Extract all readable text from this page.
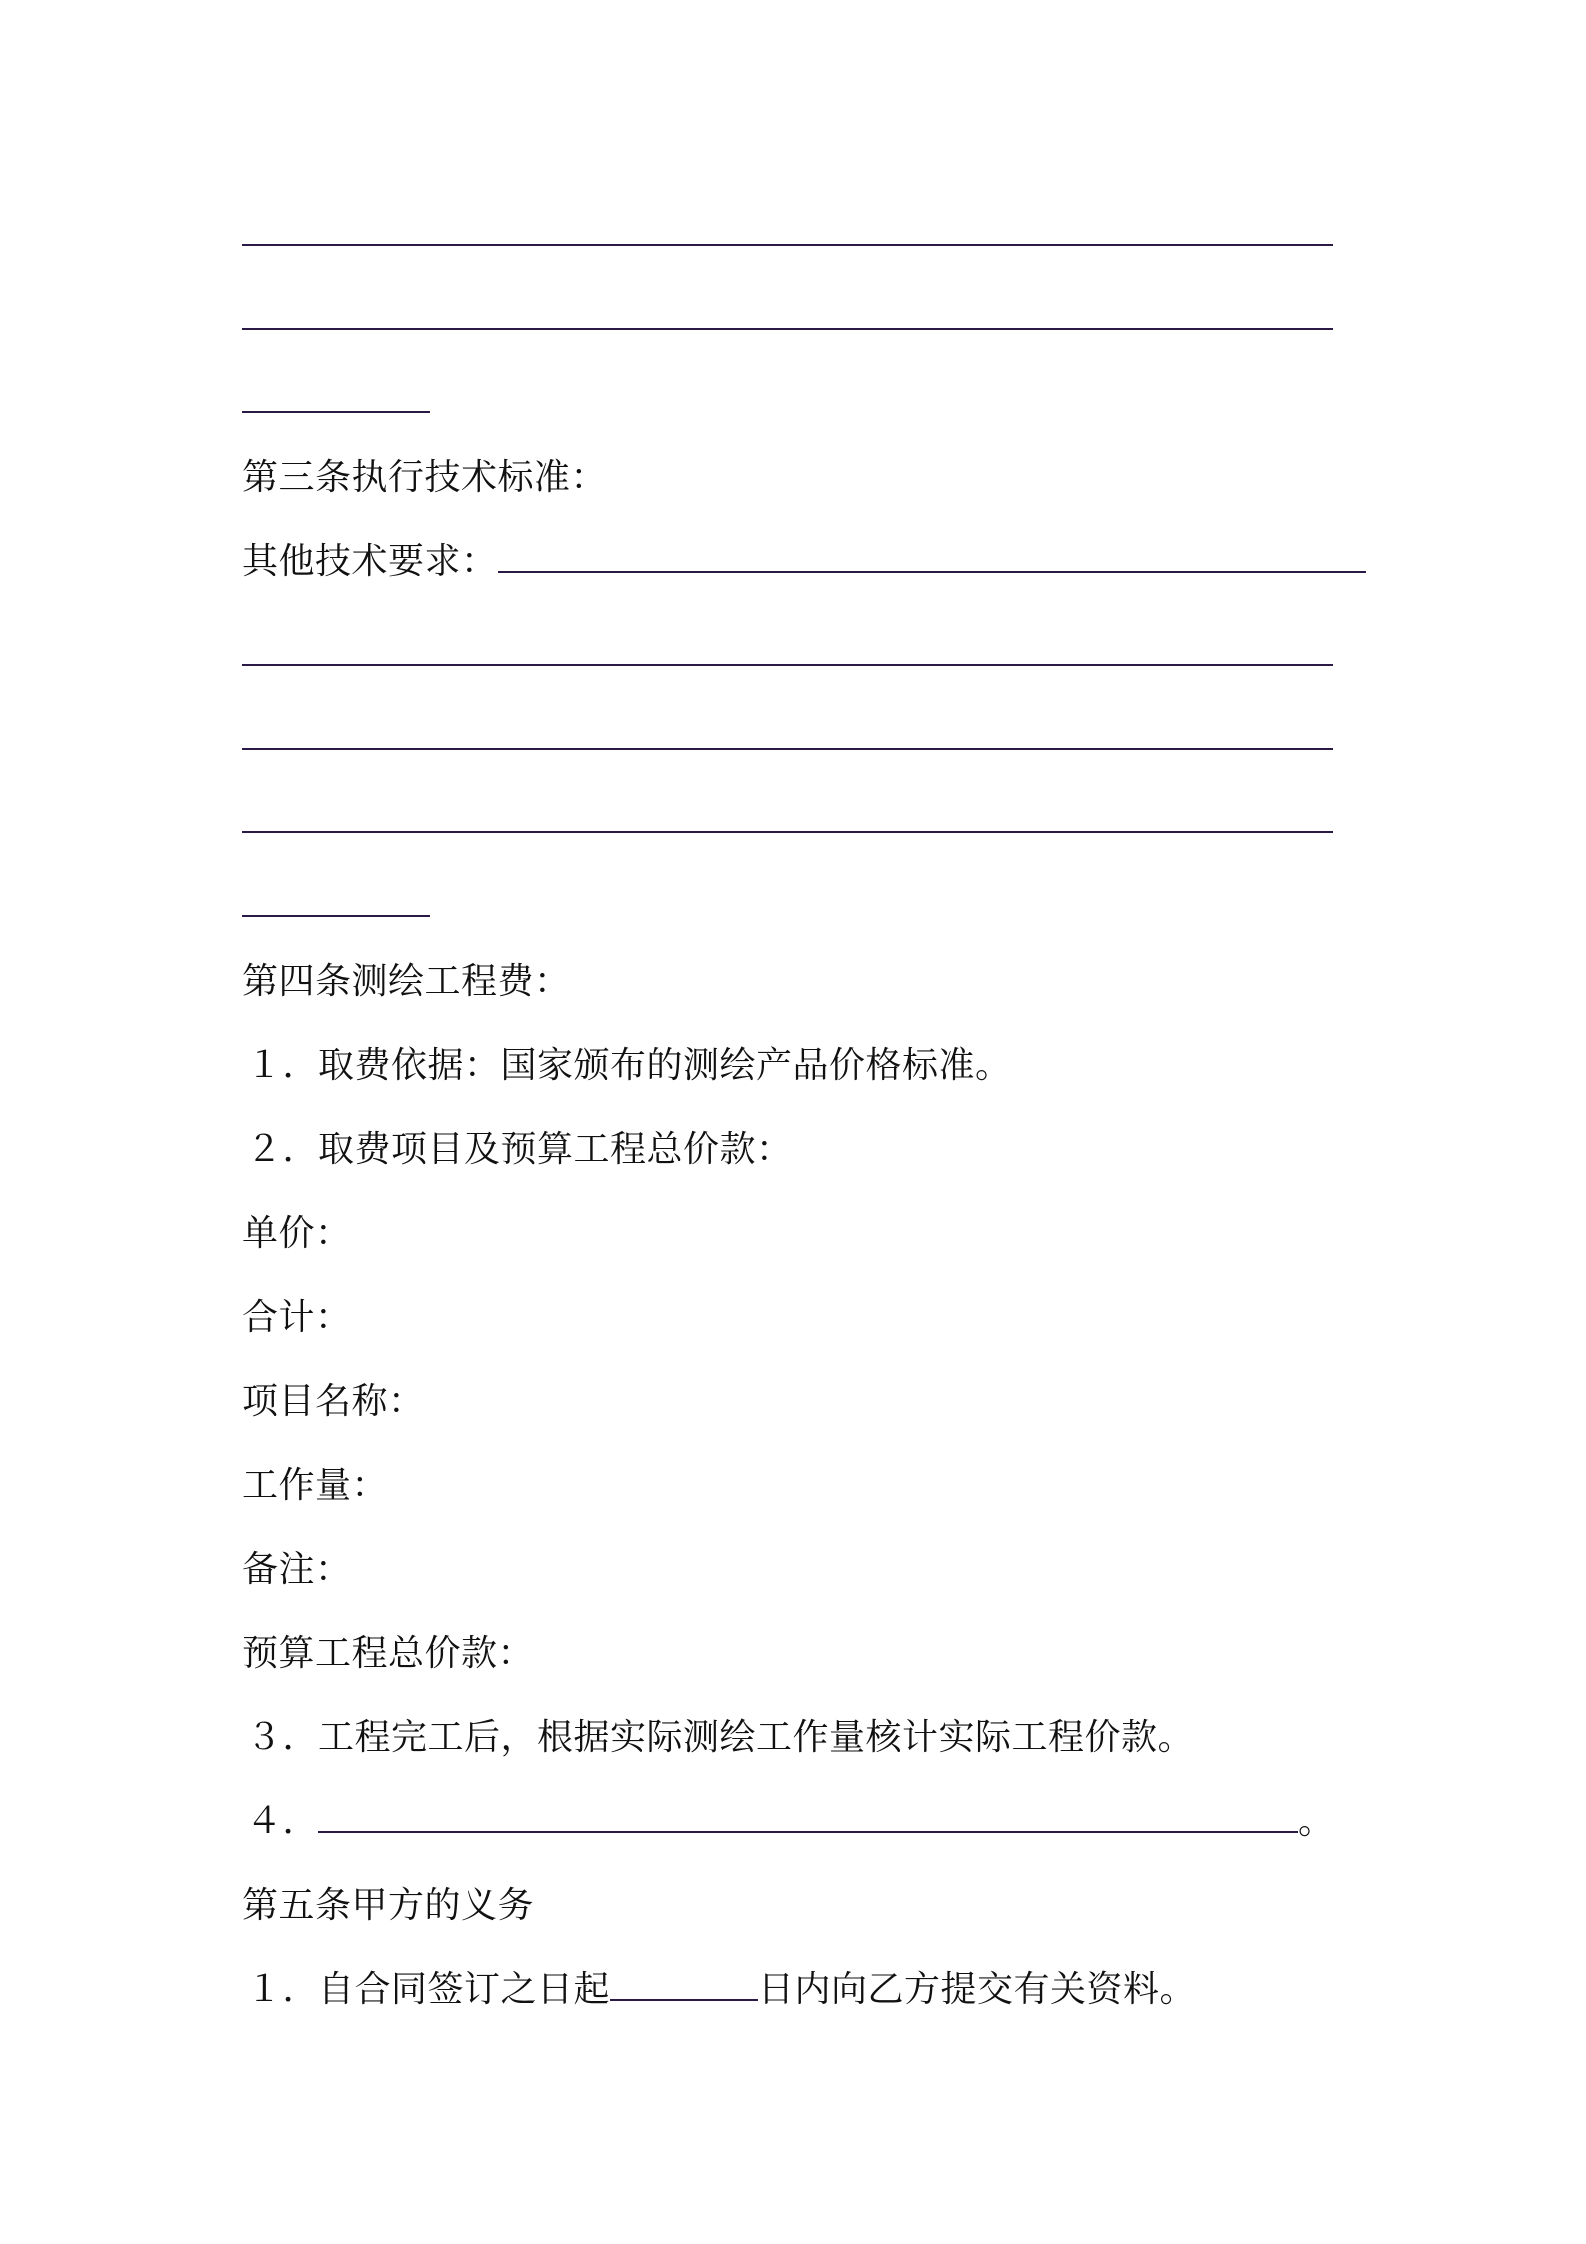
第三条执行技术标准：
其他技术要求：
第四条测绘工程费：
１．取费依据：国家颁布的测绘产品价格标准。
２．取费项目及预算工程总价款：
单价：
合计：
项目名称：
工作量：
备注：
预算工程总价款：
３．工程完工后，根据实际测绘工作量核计实际工程价款。
４．	。
第五条甲方的义务
１．自合同签订之日起	日内向乙方提交有关资料。
